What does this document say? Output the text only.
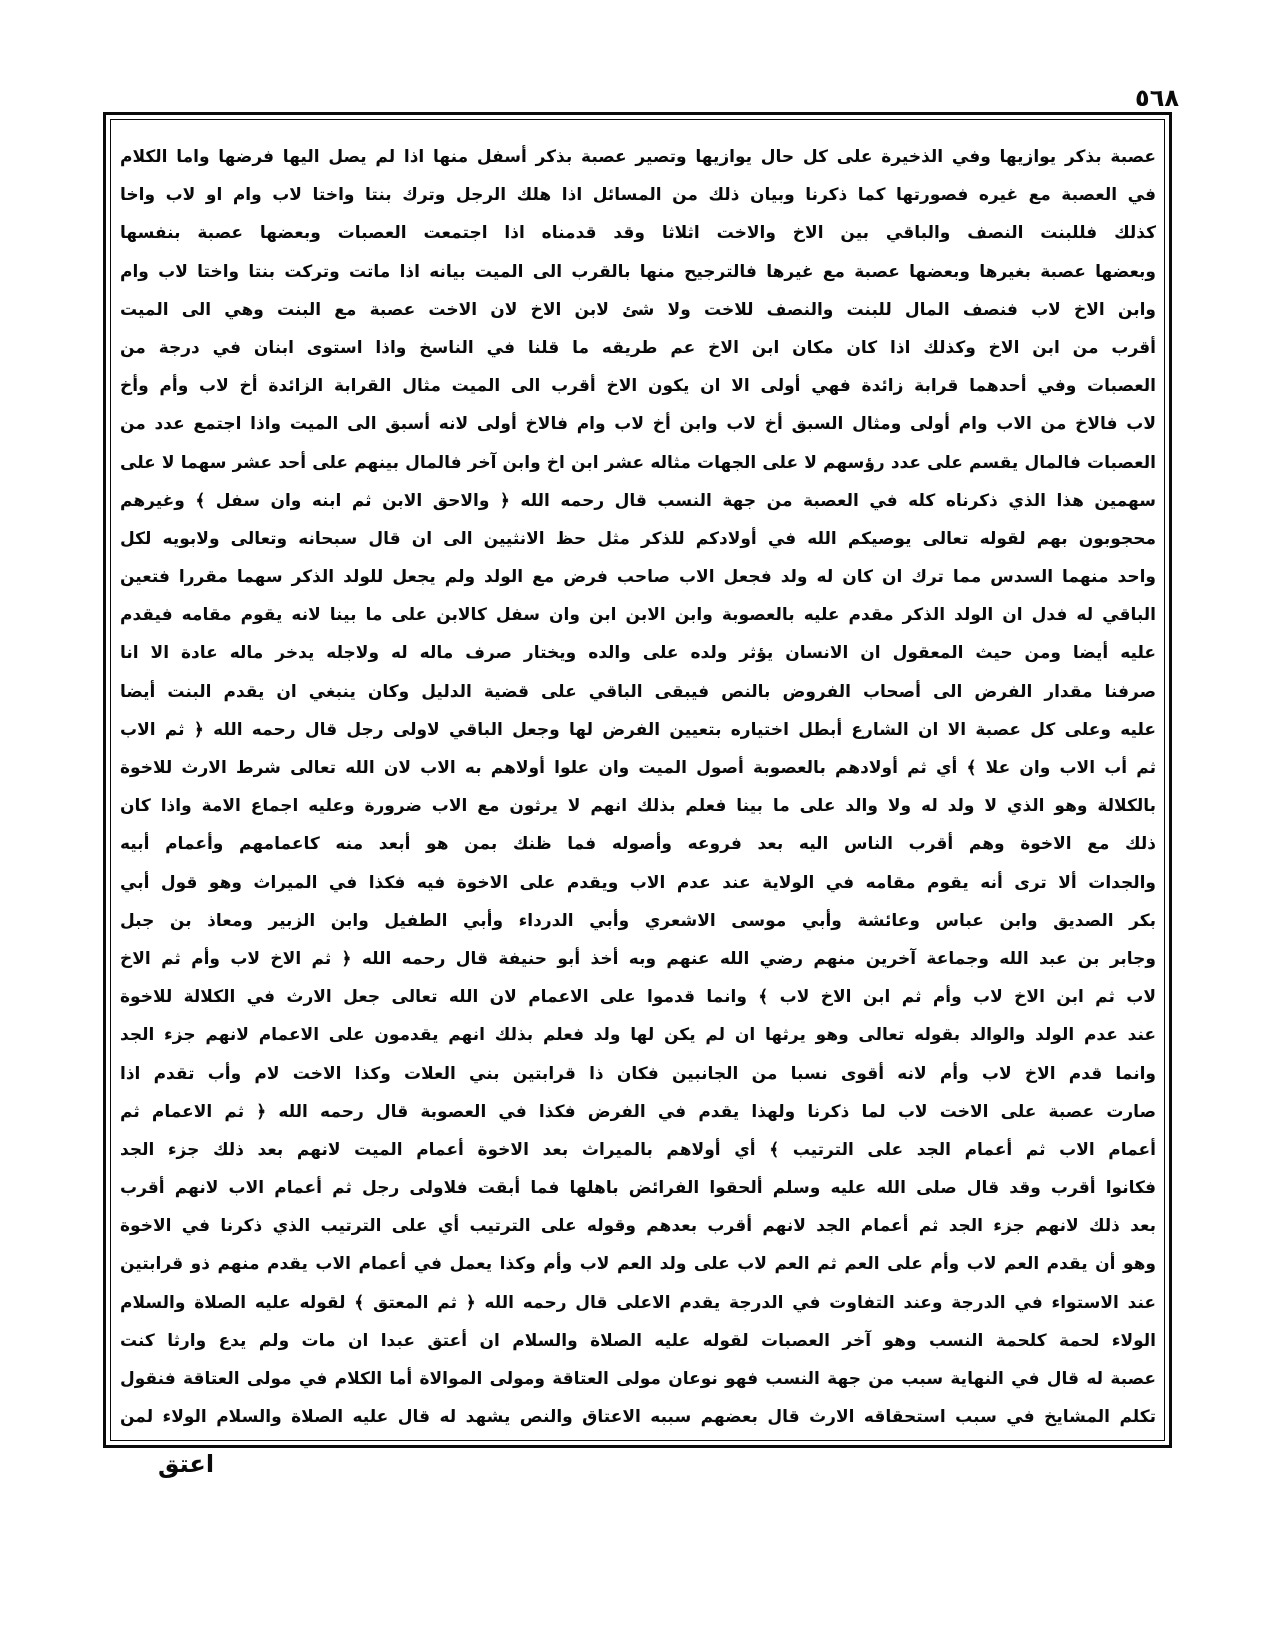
٥٦٨
عصبة بذكر يوازيها وفي الذخيرة على كل حال يوازيها وتصير عصبة بذكر أسفل منها اذا لم يصل اليها فرضها واما الكلام
في العصبة مع غيره فصورتها كما ذكرنا وبيان ذلك من المسائل اذا هلك الرجل وترك بنتا واختا لاب وام او لاب واخا
كذلك فللبنت النصف والباقي بين الاخ والاخت اثلاثا وقد قدمناه اذا اجتمعت العصبات وبعضها عصبة بنفسها
وبعضها عصبة بغيرها وبعضها عصبة مع غيرها فالترجيح منها بالقرب الى الميت بيانه اذا ماتت وتركت بنتا واختا لاب وام
وابن الاخ لاب فنصف المال للبنت والنصف للاخت ولا شئ لابن الاخ لان الاخت عصبة مع البنت وهي الى الميت
أقرب من ابن الاخ وكذلك اذا كان مكان ابن الاخ عم طريقه ما قلنا في الناسخ واذا استوى ابنان في درجة من
العصبات وفي أحدهما قرابة زائدة فهي أولى الا ان يكون الاخ أقرب الى الميت مثال القرابة الزائدة أخ لاب وأم وأخ
لاب فالاخ من الاب وام أولى ومثال السبق أخ لاب وابن أخ لاب وام فالاخ أولى لانه أسبق الى الميت واذا اجتمع عدد من
العصبات فالمال يقسم على عدد رؤسهم لا على الجهات مثاله عشر ابن اخ وابن آخر فالمال بينهم على أحد عشر سهما لا على
سهمين هذا الذي ذكرناه كله في العصبة من جهة النسب قال رحمه الله ﴿ والاحق الابن ثم ابنه وان سفل ﴾ وغيرهم
محجوبون بهم لقوله تعالى يوصيكم الله في أولادكم للذكر مثل حظ الانثيين الى ان قال سبحانه وتعالى ولابويه لكل
واحد منهما السدس مما ترك ان كان له ولد فجعل الاب صاحب فرض مع الولد ولم يجعل للولد الذكر سهما مقررا فتعين
الباقي له فدل ان الولد الذكر مقدم عليه بالعصوبة وابن الابن ابن وان سفل كالابن على ما بينا لانه يقوم مقامه فيقدم
عليه أيضا ومن حيث المعقول ان الانسان يؤثر ولده على والده ويختار صرف ماله له ولاجله يدخر ماله عادة الا انا
صرفنا مقدار الفرض الى أصحاب الفروض بالنص فيبقى الباقي على قضية الدليل وكان ينبغي ان يقدم البنت أيضا
عليه وعلى كل عصبة الا ان الشارع أبطل اختياره بتعيين الفرض لها وجعل الباقي لاولى رجل قال رحمه الله ﴿ ثم الاب
ثم أب الاب وان علا ﴾ أي ثم أولادهم بالعصوبة أصول الميت وان علوا أولاهم به الاب لان الله تعالى شرط الارث للاخوة
بالكلالة وهو الذي لا ولد له ولا والد على ما بينا فعلم بذلك انهم لا يرثون مع الاب ضرورة وعليه اجماع الامة واذا كان
ذلك مع الاخوة وهم أقرب الناس اليه بعد فروعه وأصوله فما ظنك بمن هو أبعد منه كاعمامهم وأعمام أبيه
والجدات ألا ترى أنه يقوم مقامه في الولاية عند عدم الاب ويقدم على الاخوة فيه فكذا في الميراث وهو قول أبي
بكر الصديق وابن عباس وعائشة وأبي موسى الاشعري وأبي الدرداء وأبي الطفيل وابن الزبير ومعاذ بن جبل
وجابر بن عبد الله وجماعة آخرين منهم رضي الله عنهم وبه أخذ أبو حنيفة قال رحمه الله ﴿ ثم الاخ لاب وأم ثم الاخ
لاب ثم ابن الاخ لاب وأم ثم ابن الاخ لاب ﴾ وانما قدموا على الاعمام لان الله تعالى جعل الارث في الكلالة للاخوة
عند عدم الولد والوالد بقوله تعالى وهو يرثها ان لم يكن لها ولد فعلم بذلك انهم يقدمون على الاعمام لانهم جزء الجد
وانما قدم الاخ لاب وأم لانه أقوى نسبا من الجانبين فكان ذا قرابتين بني العلات وكذا الاخت لام وأب تقدم اذا
صارت عصبة على الاخت لاب لما ذكرنا ولهذا يقدم في الفرض فكذا في العصوبة قال رحمه الله ﴿ ثم الاعمام ثم
أعمام الاب ثم أعمام الجد على الترتيب ﴾ أي أولاهم بالميراث بعد الاخوة أعمام الميت لانهم بعد ذلك جزء الجد
فكانوا أقرب وقد قال صلى الله عليه وسلم ألحقوا الفرائض باهلها فما أبقت فلاولى رجل ثم أعمام الاب لانهم أقرب
بعد ذلك لانهم جزء الجد ثم أعمام الجد لانهم أقرب بعدهم وقوله على الترتيب أي على الترتيب الذي ذكرنا في الاخوة
وهو أن يقدم العم لاب وأم على العم ثم العم لاب على ولد العم لاب وأم وكذا يعمل في أعمام الاب يقدم منهم ذو قرابتين
عند الاستواء في الدرجة وعند التفاوت في الدرجة يقدم الاعلى قال رحمه الله ﴿ ثم المعتق ﴾ لقوله عليه الصلاة والسلام
الولاء لحمة كلحمة النسب وهو آخر العصبات لقوله عليه الصلاة والسلام ان أعتق عبدا ان مات ولم يدع وارثا كنت
عصبة له قال في النهاية سبب من جهة النسب فهو نوعان مولى العتاقة ومولى الموالاة أما الكلام في مولى العتاقة فنقول
تكلم المشايخ في سبب استحقاقه الارث قال بعضهم سببه الاعتاق والنص يشهد له قال عليه الصلاة والسلام الولاء لمن
اعتق
